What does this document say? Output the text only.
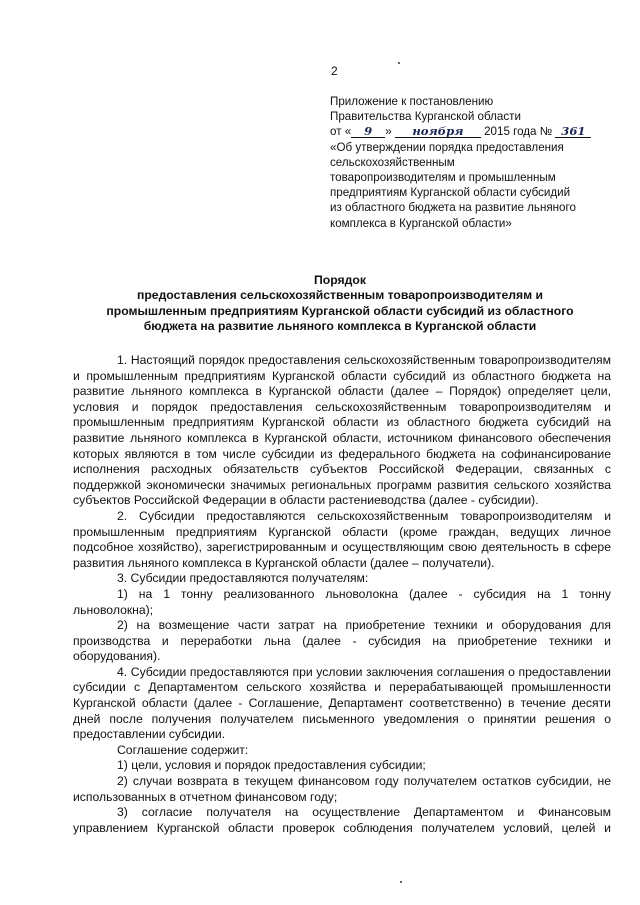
2
Приложение к постановлению
Правительства Курганской области
от « 9 » ноября 2015 года № 361
«Об утверждении порядка предоставления
сельскохозяйственным
товаропроизводителям и промышленным
предприятиям Курганской области субсидий
из областного бюджета на развитие льняного
комплекса в Курганской области»
Порядок
предоставления сельскохозяйственным товаропроизводителям и
промышленным предприятиям Курганской области субсидий из областного
бюджета на развитие льняного комплекса в Курганской области

1. Настоящий порядок предоставления сельскохозяйственным товаропроизводителям и промышленным предприятиям Курганской области субсидий из областного бюджета на развитие льняного комплекса в Курганской области (далее – Порядок) определяет цели, условия и порядок предоставления сельскохозяйственным товаропроизводителям и промышленным предприятиям Курганской области из областного бюджета субсидий на развитие льняного комплекса в Курганской области, источником финансового обеспечения которых являются в том числе субсидии из федерального бюджета на софинансирование исполнения расходных обязательств субъектов Российской Федерации, связанных с поддержкой экономически значимых региональных программ развития сельского хозяйства субъектов Российской Федерации в области растениеводства (далее - субсидии).

2. Субсидии предоставляются сельскохозяйственным товаропроизводителям и промышленным предприятиям Курганской области (кроме граждан, ведущих личное подсобное хозяйство), зарегистрированным и осуществляющим свою деятельность в сфере развития льняного комплекса в Курганской области (далее – получатели).

3. Субсидии предоставляются получателям:

1) на 1 тонну реализованного льноволокна (далее - субсидия на 1 тонну льноволокна);

2) на возмещение части затрат на приобретение техники и оборудования для производства и переработки льна (далее - субсидия на приобретение техники и оборудования).

4. Субсидии предоставляются при условии заключения соглашения о предоставлении субсидии с Департаментом сельского хозяйства и перерабатывающей промышленности Курганской области (далее - Соглашение, Департамент соответственно) в течение десяти дней после получения получателем письменного уведомления о принятии решения о предоставлении субсидии.

Соглашение содержит:

1) цели, условия и порядок предоставления субсидии;

2) случаи возврата в текущем финансовом году получателем остатков субсидии, не использованных в отчетном финансовом году;

3) согласие получателя на осуществление Департаментом и Финансовым управлением Курганской области проверок соблюдения получателем условий, целей и
